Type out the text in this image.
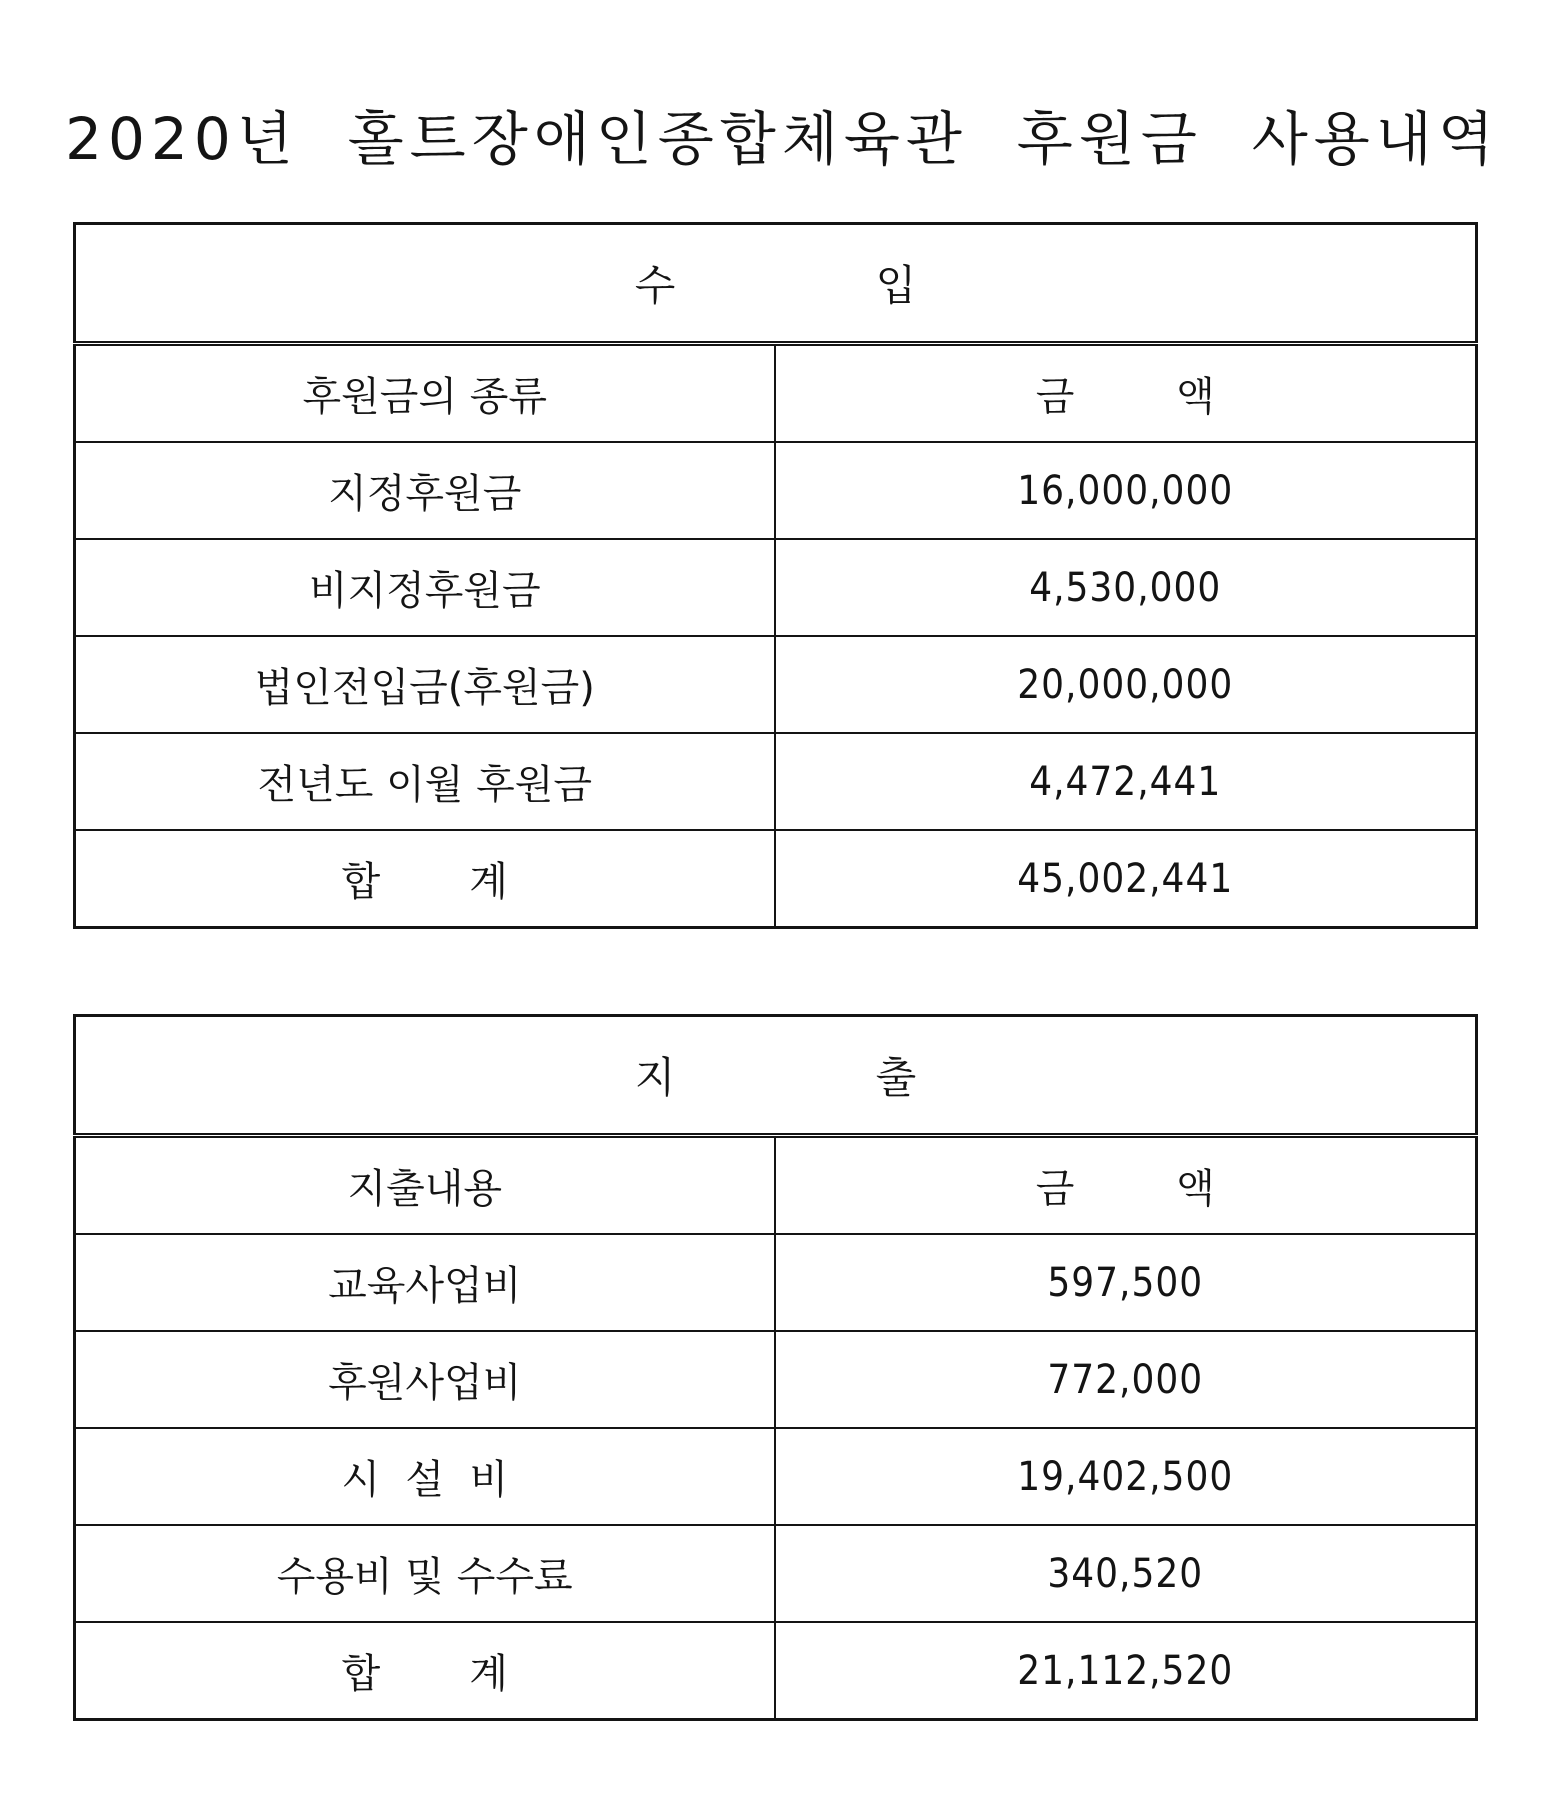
2020년  홀트장애인종합체육관  후원금  사용내역
수               입	
후원금의 종류	금        액
지정후원금	16,000,000
비지정후원금	4,530,000
법인전입금(후원금)	20,000,000
전년도 이월 후원금	4,472,441
합       계	45,002,441
지               출	
지출내용	금        액
교육사업비	597,500
후원사업비	772,000
시  설  비	19,402,500
수용비 및 수수료	340,520
합       계	21,112,520
